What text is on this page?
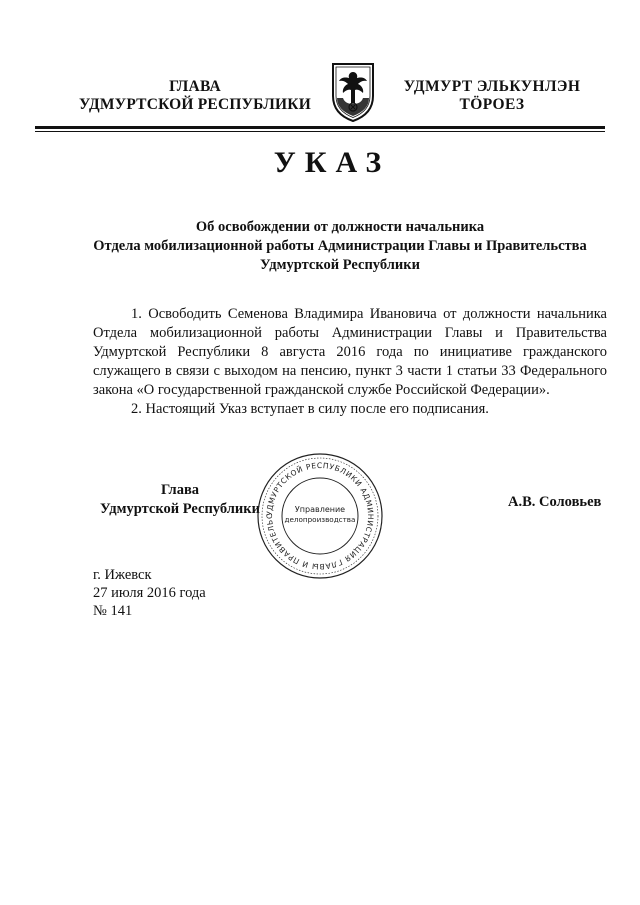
ГЛАВА
УДМУРТСКОЙ РЕСПУБЛИКИ
УДМУРТ ЭЛЬКУНЛЭН
ТӦРОЕЗ
УКАЗ
Об освобождении от должности начальника
Отдела мобилизационной работы Администрации Главы и Правительства
Удмуртской Республики

1. Освободить Семенова Владимира Ивановича от должности начальника Отдела мобилизационной работы Администрации Главы и Правительства Удмуртской Республики 8 августа 2016 года по инициативе гражданского служащего в связи с выходом на пенсию, пункт 3 части 1 статьи 33 Федерального закона «О государственной гражданской службе Российской Федерации».

2. Настоящий Указ вступает в силу после его подписания.

Глава
Удмуртской Республики УДМУРТСКОЙ РЕСПУБЛИКИ АДМИНИСТРАЦИЯ ГЛАВЫ И ПРАВИТЕЛЬС
Управление
делопроизводства
А.В. Соловьев
г. Ижевск
27 июля 2016 года
№ 141
